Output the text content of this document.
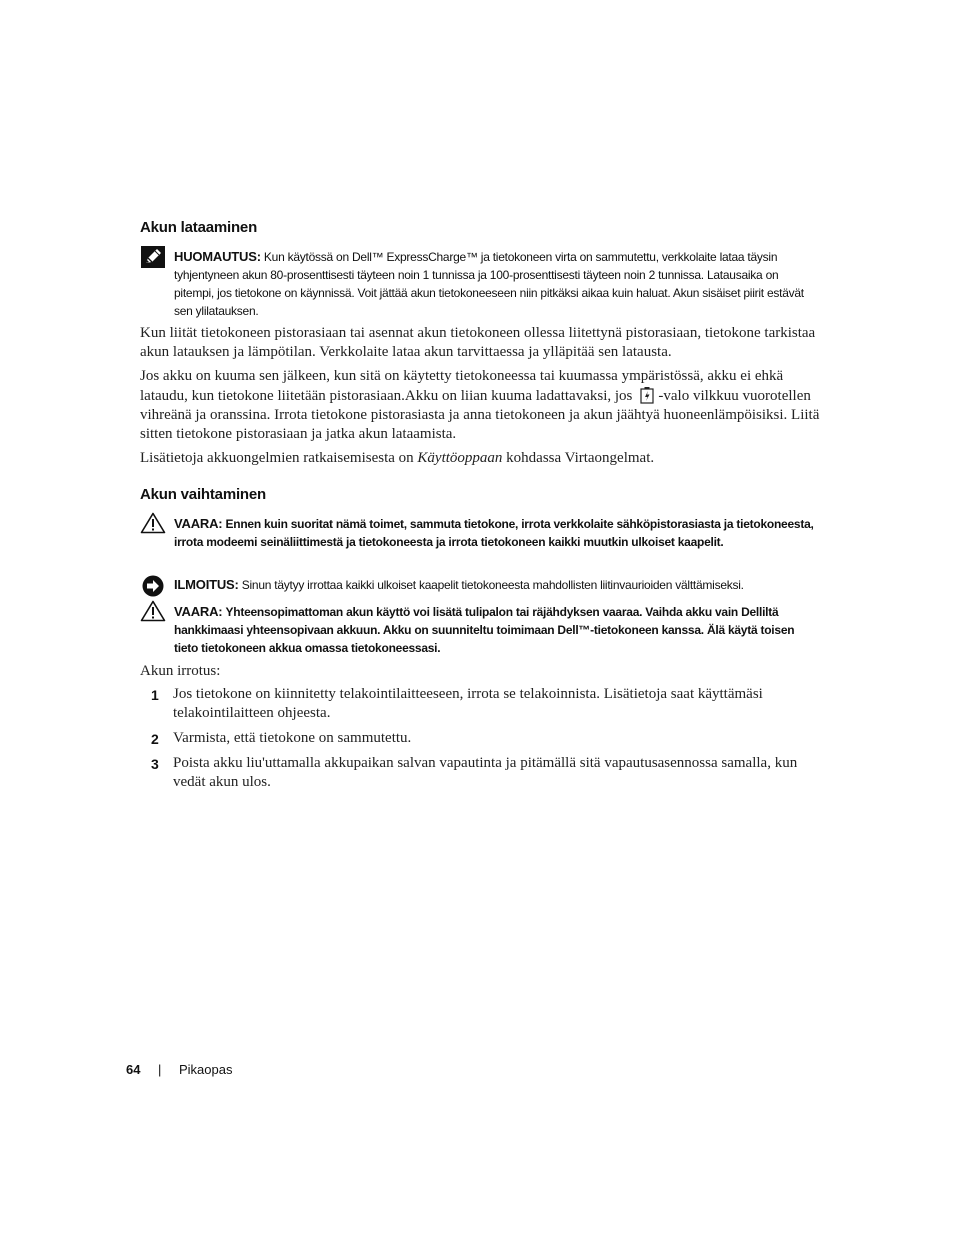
Akun lataaminen
HUOMAUTUS: Kun käytössä on Dell™ ExpressCharge™ ja tietokoneen virta on sammutettu, verkkolaite lataa täysin tyhjentyneen akun 80-prosenttisesti täyteen noin 1 tunnissa ja 100-prosenttisesti täyteen noin 2 tunnissa. Latausaika on pitempi, jos tietokone on käynnissä. Voit jättää akun tietokoneeseen niin pitkäksi aikaa kuin haluat. Akun sisäiset piirit estävät sen ylilatauksen.
Kun liität tietokoneen pistorasiaan tai asennat akun tietokoneen ollessa liitettynä pistorasiaan, tietokone tarkistaa akun latauksen ja lämpötilan. Verkkolaite lataa akun tarvittaessa ja ylläpitää sen latausta.
Jos akku on kuuma sen jälkeen, kun sitä on käytetty tietokoneessa tai kuumassa ympäristössä, akku ei ehkä lataudu, kun tietokone liitetään pistorasiaan.Akku on liian kuuma ladattavaksi, jos -valo vilkkuu vuorotellen vihreänä ja oranssina. Irrota tietokone pistorasiasta ja anna tietokoneen ja akun jäähtyä huoneenlämpöisiksi. Liitä sitten tietokone pistorasiaan ja jatka akun lataamista.
Lisätietoja akkuongelmien ratkaisemisesta on Käyttöoppaan kohdassa Virtaongelmat.
Akun vaihtaminen
VAARA: Ennen kuin suoritat nämä toimet, sammuta tietokone, irrota verkkolaite sähköpistorasiasta ja tietokoneesta, irrota modeemi seinäliittimestä ja tietokoneesta ja irrota tietokoneen kaikki muutkin ulkoiset kaapelit.
ILMOITUS: Sinun täytyy irrottaa kaikki ulkoiset kaapelit tietokoneesta mahdollisten liitinvaurioiden välttämiseksi.
VAARA: Yhteensopimattoman akun käyttö voi lisätä tulipalon tai räjähdyksen vaaraa. Vaihda akku vain Delliltä hankkimaasi yhteensopivaan akkuun. Akku on suunniteltu toimimaan Dell™-tietokoneen kanssa. Älä käytä toisen tieto tietokoneen akkua omassa tietokoneessasi.
Akun irrotus:
1 Jos tietokone on kiinnitetty telakointilaitteeseen, irrota se telakoinnista. Lisätietoja saat käyttämäsi telakointilaitteen ohjeesta.
2 Varmista, että tietokone on sammutettu.
3 Poista akku liu'uttamalla akkupaikan salvan vapautinta ja pitämällä sitä vapautusasennossa samalla, kun vedät akun ulos.
64 | Pikaopas
